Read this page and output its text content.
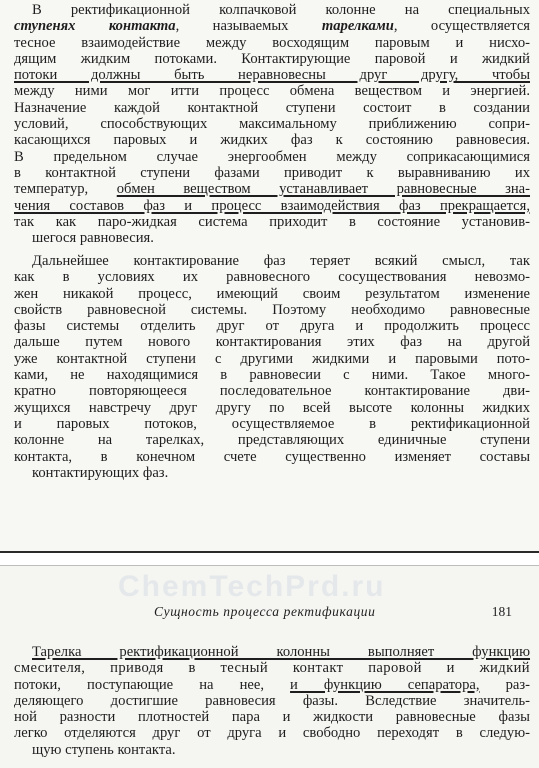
В ректификационной колпачковой колонне на специальных
ступенях контакта, называемых тарелками, осуществляется
тесное взаимодействие между восходящим паровым и нисхо-
дящим жидким потоками. Контактирующие паровой и жидкий
потоки должны быть неравновесны друг другу, чтобы
между ними мог итти процесс обмена веществом и энергией.
Назначение каждой контактной ступени состоит в создании
условий, способствующих максимальному приближению сопри-
касающихся паровых и жидких фаз к состоянию равновесия.
В предельном случае энергообмен между соприкасающимися
в контактной ступени фазами приводит к выравниванию их
температур, обмен веществом устанавливает равновесные зна-
чения составов фаз и процесс взаимодействия фаз прекращается,
так как паро-жидкая система приходит в состояние установив-
шегося равновесия.
Дальнейшее контактирование фаз теряет всякий смысл, так
как в условиях их равновесного сосуществования невозмо-
жен никакой процесс, имеющий своим результатом изменение
свойств равновесной системы. Поэтому необходимо равновесные
фазы системы отделить друг от друга и продолжить процесс
дальше путем нового контактирования этих фаз на другой
уже контактной ступени с другими жидкими и паровыми пото-
ками, не находящимися в равновесии с ними. Такое много-
кратно повторяющееся последовательное контактирование дви-
жущихся навстречу друг другу по всей высоте колонны жидких
и паровых потоков, осуществляемое в ректификационной
колонне на тарелках, представляющих единичные ступени
контакта, в конечном счете существенно изменяет составы
контактирующих фаз.
ChemTechPrd.ru
Сущность процесса ректификации	181
Тарелка ректификационной колонны выполняет функцию
смесителя, приводя в тесный контакт паровой и жидкий
потоки, поступающие на нее, и функцию сепаратора, раз-
деляющего достигшие равновесия фазы. Вследствие значитель-
ной разности плотностей пара и жидкости равновесные фазы
легко отделяются друг от друга и свободно переходят в следую-
щую ступень контакта.
